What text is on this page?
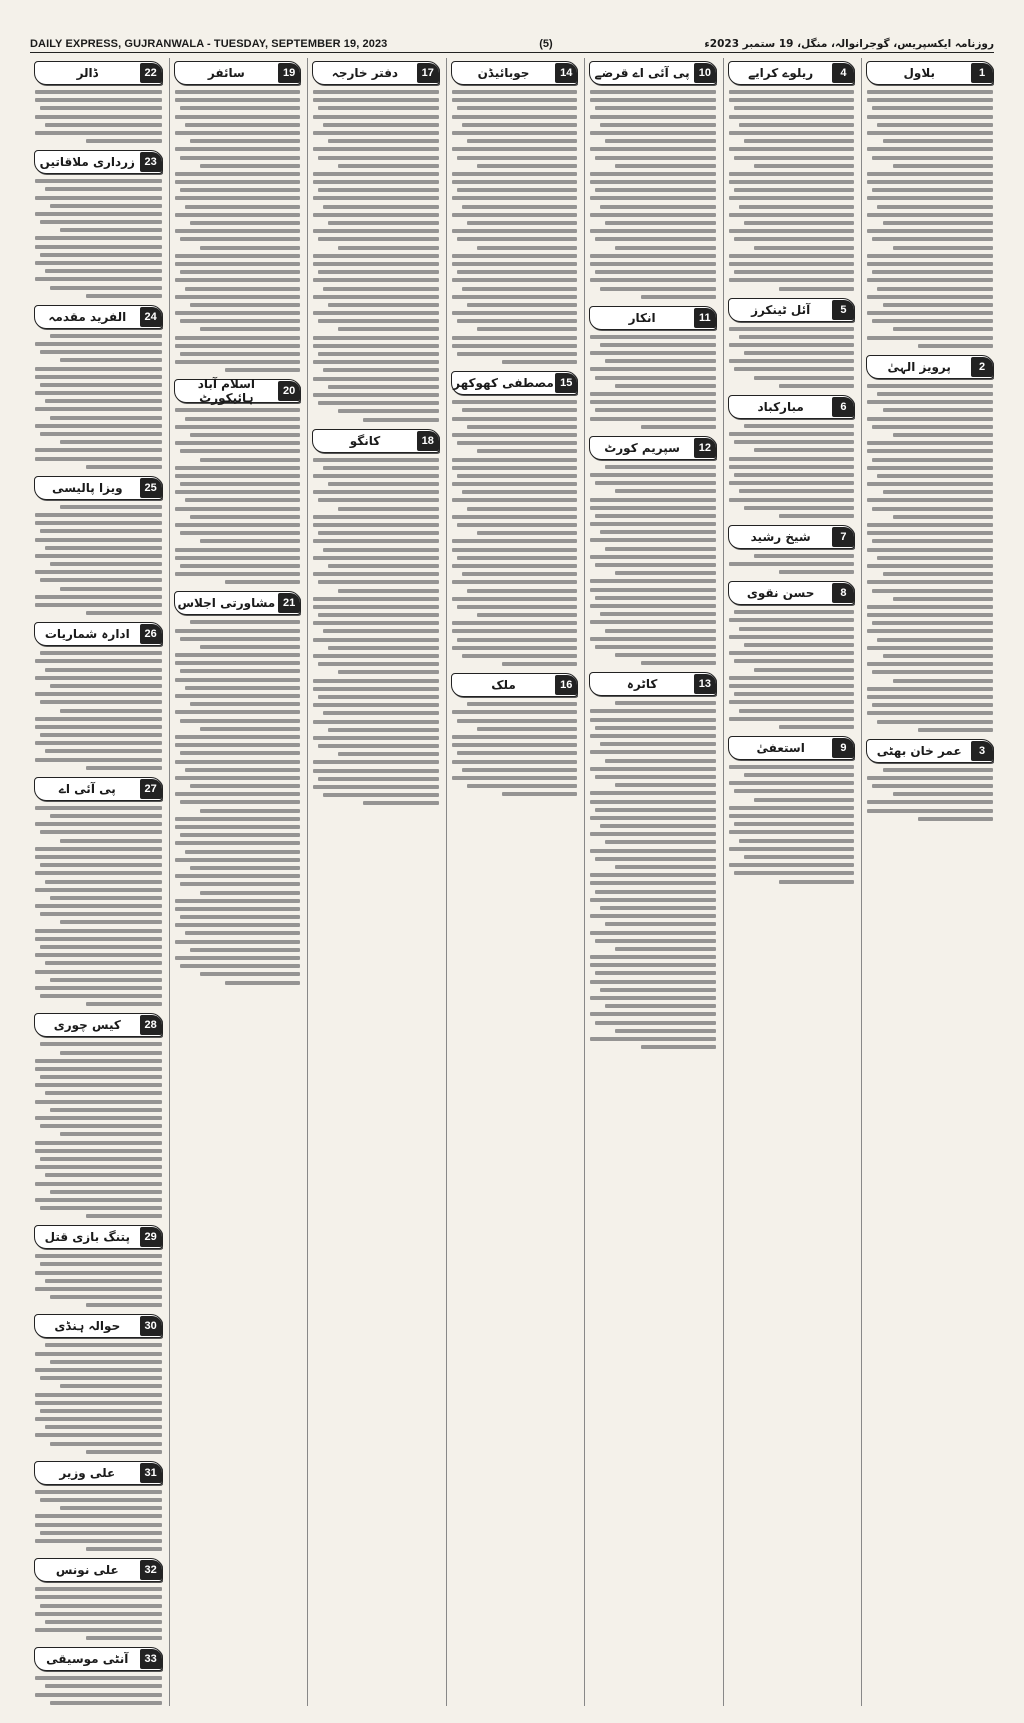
DAILY EXPRESS, GUJRANWALA - TUESDAY, SEPTEMBER 19, 2023	(5)	روزنامہ ایکسپریس، گوجرانوالہ، منگل، 19 ستمبر 2023ء
1
بلاول
2
پرویز الہیٰ
3
عمر خان بھٹی
4
ریلوے کرایے
5
آئل ٹینکرز
6
مبارکباد
7
شیخ رشید
8
حسن نقوی
9
استعفیٰ
10
پی آئی اے قرضے
11
انکار
12
سپریم کورٹ
13
کاٹرہ
14
جوبائیڈن
15
مصطفی کھوکھر
16
ملک
17
دفتر خارجہ
18
کانگو
19
سائفر
20
اسلام آباد ہائیکورٹ
21
مشاورتی اجلاس
22
ڈالر
23
زرداری ملاقاتیں
24
الفرید مقدمہ
25
ویزا پالیسی
26
ادارہ شماریات
27
پی آئی اے
28
کیس چوری
29
پتنگ بازی قتل
30
حوالہ ہنڈی
31
علی وزیر
32
علی نونس
33
آنٹی موسیقی
